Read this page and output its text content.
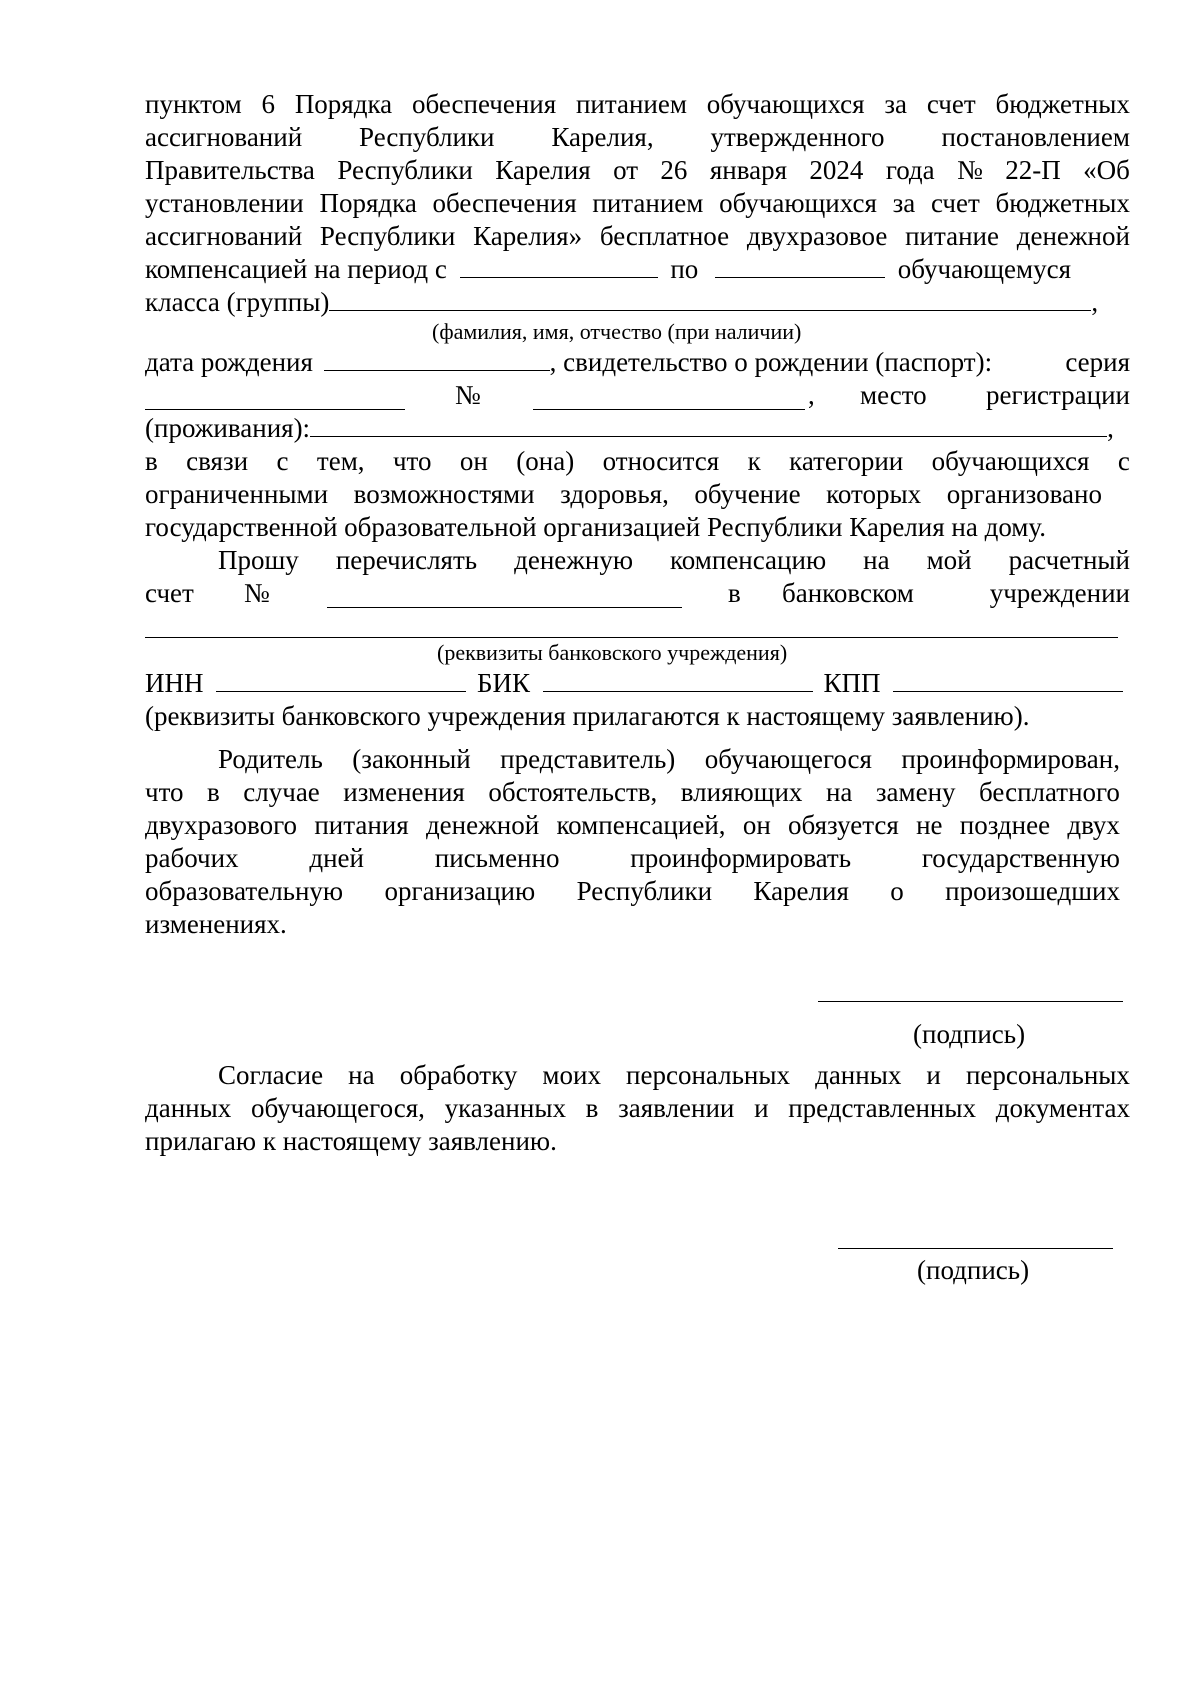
пунктом 6 Порядка обеспечения питанием обучающихся за счет бюджетных
ассигнований Республики Карелия, утвержденного постановлением
Правительства Республики Карелия от 26 января 2024 года № 22-П «Об
установлении Порядка обеспечения питанием обучающихся за счет бюджетных
ассигнований Республики Карелия» бесплатное двухразовое питание денежной
компенсацией на период с	по	обучающемуся
класса (группы)	,
(фамилия, имя, отчество (при наличии)
дата рождения	, свидетельство о рождении (паспорт):	серия
№	, место регистрации
(проживания):	,
в связи с тем, что он (она) относится к категории обучающихся с
ограниченными возможностями здоровья, обучение которых организовано
государственной образовательной организацией Республики Карелия на дому.
Прошу перечислять денежную компенсацию на мой расчетный
счет №	в банковском	учреждении
(реквизиты банковского учреждения)
ИНН	БИК	КПП
(реквизиты банковского учреждения прилагаются к настоящему заявлению).
Родитель (законный представитель) обучающегося проинформирован,
что в случае изменения обстоятельств, влияющих на замену бесплатного
двухразового питания денежной компенсацией, он обязуется не позднее двух
рабочих	дней	письменно	проинформировать	государственную
образовательную организацию Республики Карелия о произошедших
изменениях.
(подпись)
Согласие на обработку моих персональных данных и персональных
данных обучающегося, указанных в заявлении и представленных документах
прилагаю к настоящему заявлению.
(подпись)
